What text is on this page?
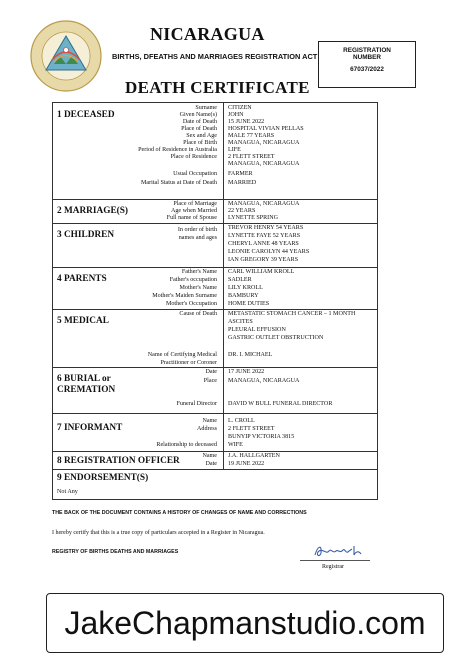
NICARAGUA
BIRTHS, DFEATHS AND MARRIAGES REGISTRATION ACT
REGISTRATION
NUMBER
67037/2022
DEATH CERTIFICATE
1 DECEASED
Surname CITIZEN
Given Name(s) JOHN
Date of Death 15 JUNE 2022
Place of Death HOSPITAL VIVIAN PELLAS
Sex and Age MALE 77 YEARS
Place of Birth MANAGUA, NICARAGUA
Period of Residence in Australia LIFE
Place of Residence 2 FLETT STREET
MANAGUA, NICARAGUA
Usual Occupation FARMER
Marital Status at Date of Death MARRIED
2 MARRIAGE(S)
Place of Marriage MANAGUA, NICARAGUA
Age when Married 22 YEARS
Full name of Spouse LYNETTE SPRING
3 CHILDREN	In order of birth
names and ages
TREVOR HENRY 54 YEARS
LYNETTE FAYE 52 YEARS
CHERYL ANNE 48 YEARS
LEONIE CAROLYN 44 YEARS
IAN GREGORY 39 YEARS
4 PARENTS
Father's Name CARL WILLIAM KROLL
Father's occupation SADLER
Mother's Name LILY KROLL
Mother's Maiden Surname BAMBURY
Mother's Occupation HOME DUTIES
5 MEDICAL
Cause of Death METASTATIC STOMACH CANCER – 1 MONTH
ASCITES
PLEURAL EFFUSION
GASTRIC OUTLET OBSTRUCTION
Name of Certifying Medical
Practitioner or Coroner
DR. I. MICHAEL
6 BURIAL or
CREMATION
Date 17 JUNE 2022
Place MANAGUA, NICARAGUA
Funeral Director DAVID W BULL FUNERAL DIRECTOR
7 INFORMANT
Name L. CROLL
Address 2 FLETT STREET
BUNYIP VICTORIA 3815
Relationship to deceased WIFE
8 REGISTRATION OFFICER	Name J.A. HALLGARTEN
Date 19 JUNE 2022
9 ENDORSEMENT(S)
Not Any
THE BACK OF THE DOCUMENT CONTAINS A HISTORY OF CHANGES OF NAME AND CORRECTIONS
I hereby certify that this is a true copy of particulars accepted in a Register in Nicaragua.
REGISTRY OF BIRTHS DEATHS AND MARRIAGES
Registrar
JakeChapmanstudio.com
